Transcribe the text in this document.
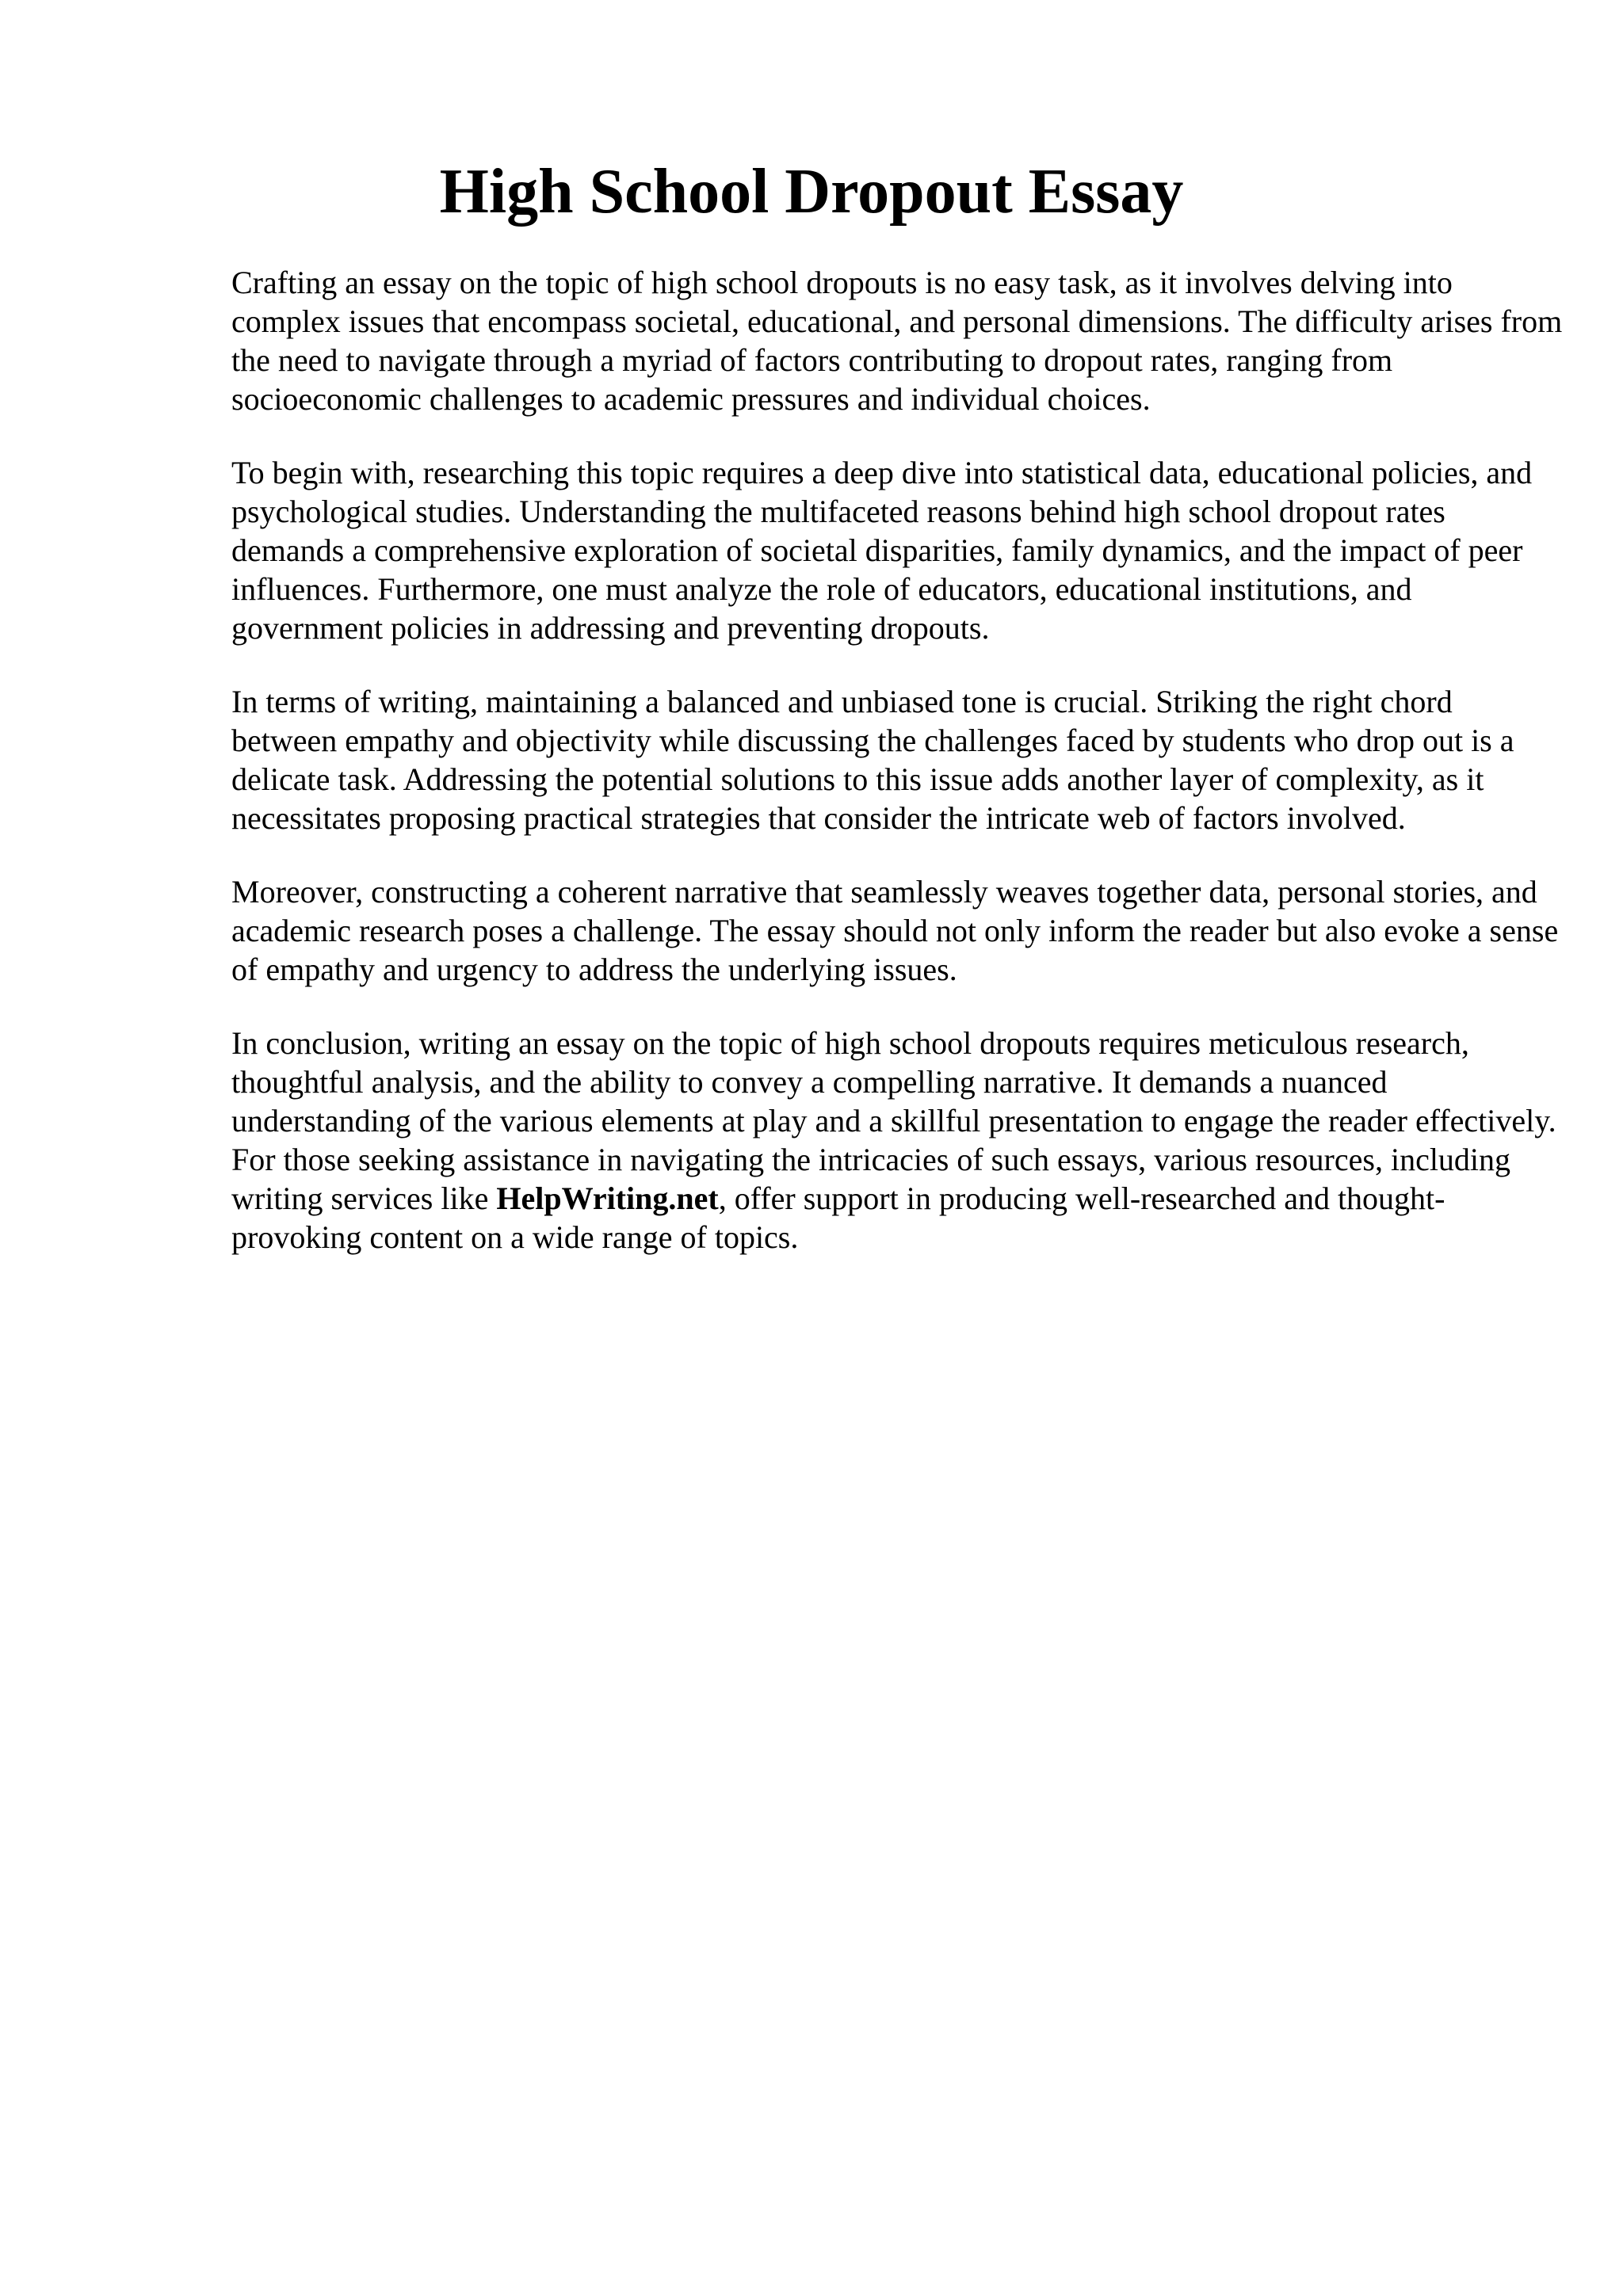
High School Dropout Essay

Crafting an essay on the topic of high school dropouts is no easy task, as it involves delving into complex issues that encompass societal, educational, and personal dimensions. The difficulty arises from the need to navigate through a myriad of factors contributing to dropout rates, ranging from socioeconomic challenges to academic pressures and individual choices.

To begin with, researching this topic requires a deep dive into statistical data, educational policies, and psychological studies. Understanding the multifaceted reasons behind high school dropout rates demands a comprehensive exploration of societal disparities, family dynamics, and the impact of peer influences. Furthermore, one must analyze the role of educators, educational institutions, and government policies in addressing and preventing dropouts.

In terms of writing, maintaining a balanced and unbiased tone is crucial. Striking the right chord between empathy and objectivity while discussing the challenges faced by students who drop out is a delicate task. Addressing the potential solutions to this issue adds another layer of complexity, as it necessitates proposing practical strategies that consider the intricate web of factors involved.

Moreover, constructing a coherent narrative that seamlessly weaves together data, personal stories, and academic research poses a challenge. The essay should not only inform the reader but also evoke a sense of empathy and urgency to address the underlying issues.

In conclusion, writing an essay on the topic of high school dropouts requires meticulous research, thoughtful analysis, and the ability to convey a compelling narrative. It demands a nuanced understanding of the various elements at play and a skillful presentation to engage the reader effectively. For those seeking assistance in navigating the intricacies of such essays, various resources, including writing services like HelpWriting.net, offer support in producing well-researched and thought-provoking content on a wide range of topics.
